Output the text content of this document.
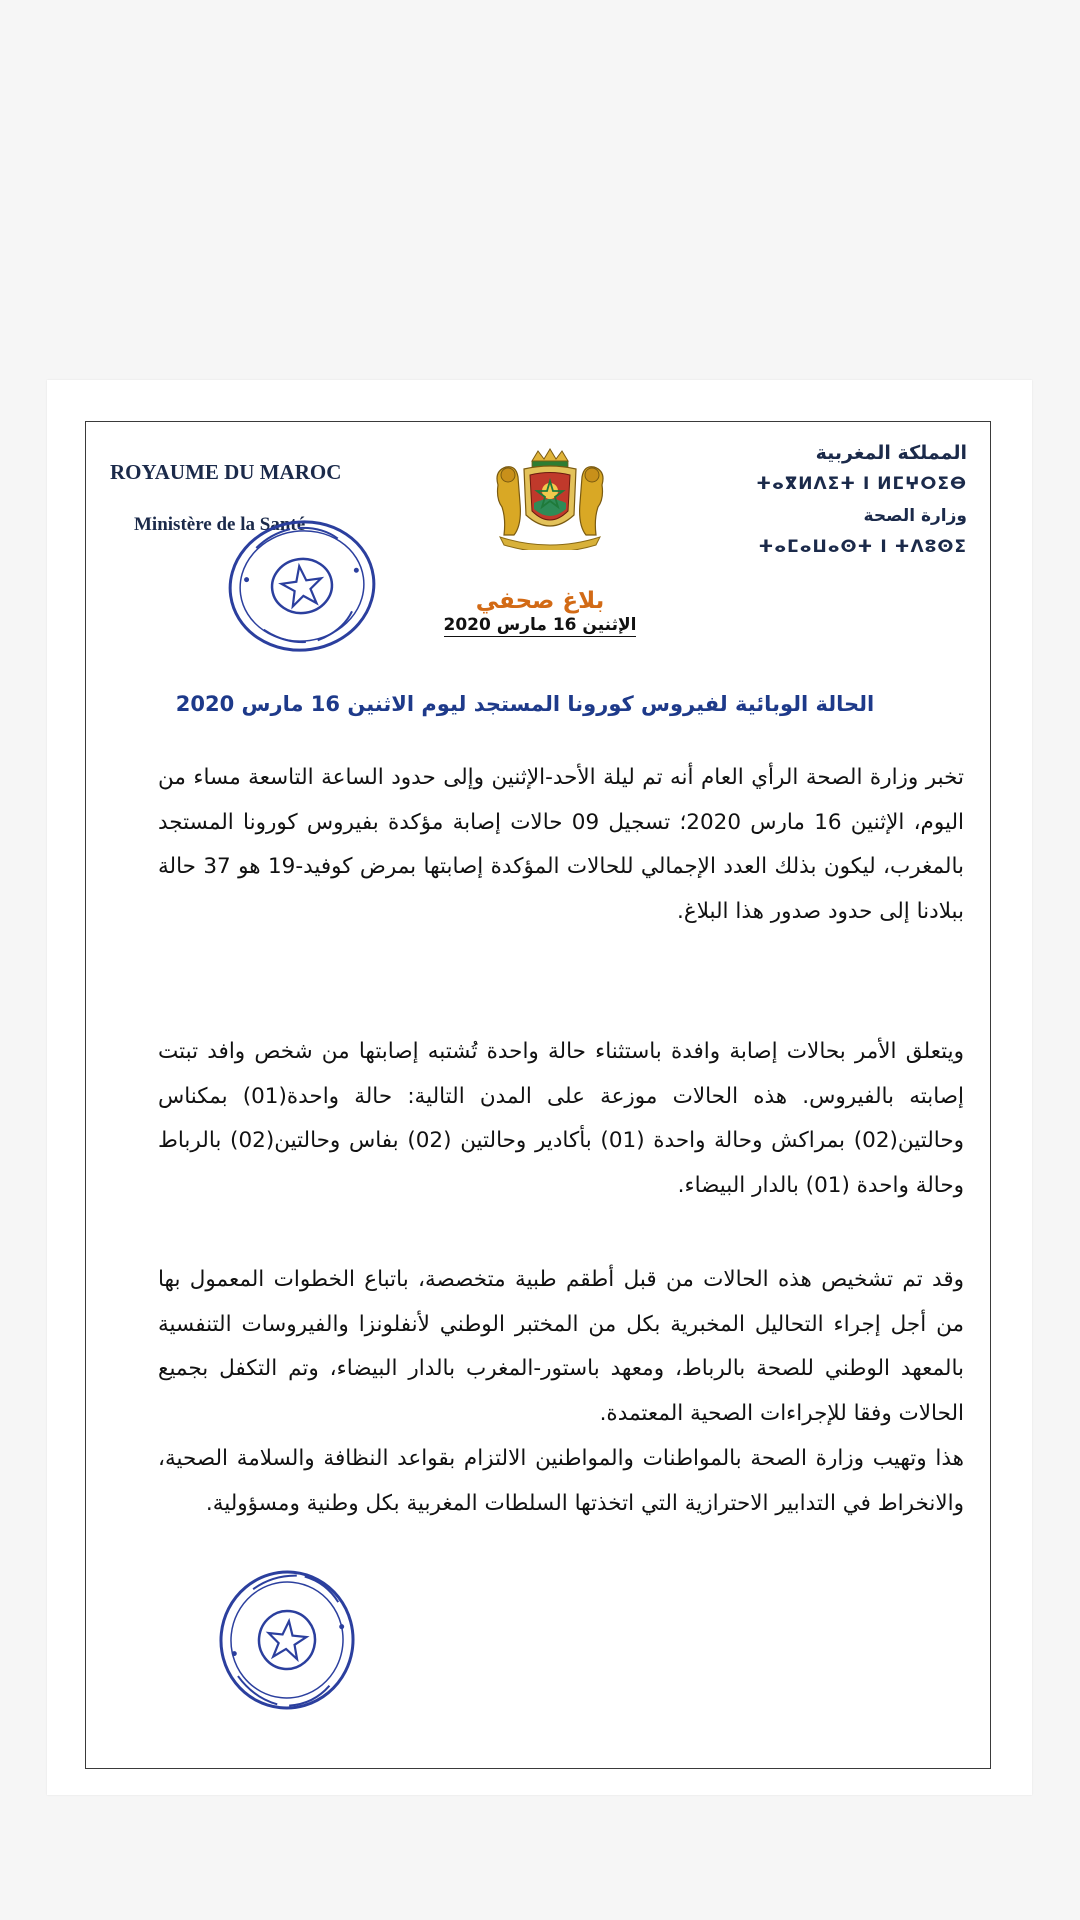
ROYAUME DU MAROC
Ministère de la Santé
المملكة المغربية
ⵜⴰⴳⵍⴷⵉⵜ ⵏ ⵍⵎⵖⵔⵉⴱ
وزارة الصحة
ⵜⴰⵎⴰⵡⴰⵙⵜ ⵏ ⵜⴷⵓⵙⵉ
بلاغ صحفي
الإثنين 16 مارس 2020
الحالة الوبائية لفيروس كورونا المستجد ليوم الاثنين 16 مارس 2020

تخبر وزارة الصحة الرأي العام أنه تم ليلة الأحد-الإثنين وإلى حدود الساعة التاسعة مساء من اليوم، الإثنين 16 مارس 2020؛ تسجيل 09 حالات إصابة مؤكدة بفيروس كورونا المستجد بالمغرب، ليكون بذلك العدد الإجمالي للحالات المؤكدة إصابتها بمرض كوفيد-19 هو 37 حالة ببلادنا إلى حدود صدور هذا البلاغ.

ويتعلق الأمر بحالات إصابة وافدة باستثناء حالة واحدة تُشتبه إصابتها من شخص وافد تبتت إصابته بالفيروس. هذه الحالات موزعة على المدن التالية: حالة واحدة(01) بمكناس وحالتين(02) بمراكش وحالة واحدة (01) بأكادير وحالتين (02) بفاس وحالتين(02) بالرباط وحالة واحدة (01) بالدار البيضاء.

وقد تم تشخيص هذه الحالات من قبل أطقم طبية متخصصة، باتباع الخطوات المعمول بها من أجل إجراء التحاليل المخبرية بكل من المختبر الوطني لأنفلونزا والفيروسات التنفسية بالمعهد الوطني للصحة بالرباط، ومعهد باستور-المغرب بالدار البيضاء، وتم التكفل بجميع الحالات وفقا للإجراءات الصحية المعتمدة.

هذا وتهيب وزارة الصحة بالمواطنات والمواطنين الالتزام بقواعد النظافة والسلامة الصحية، والانخراط في التدابير الاحترازية التي اتخذتها السلطات المغربية بكل وطنية ومسؤولية.
